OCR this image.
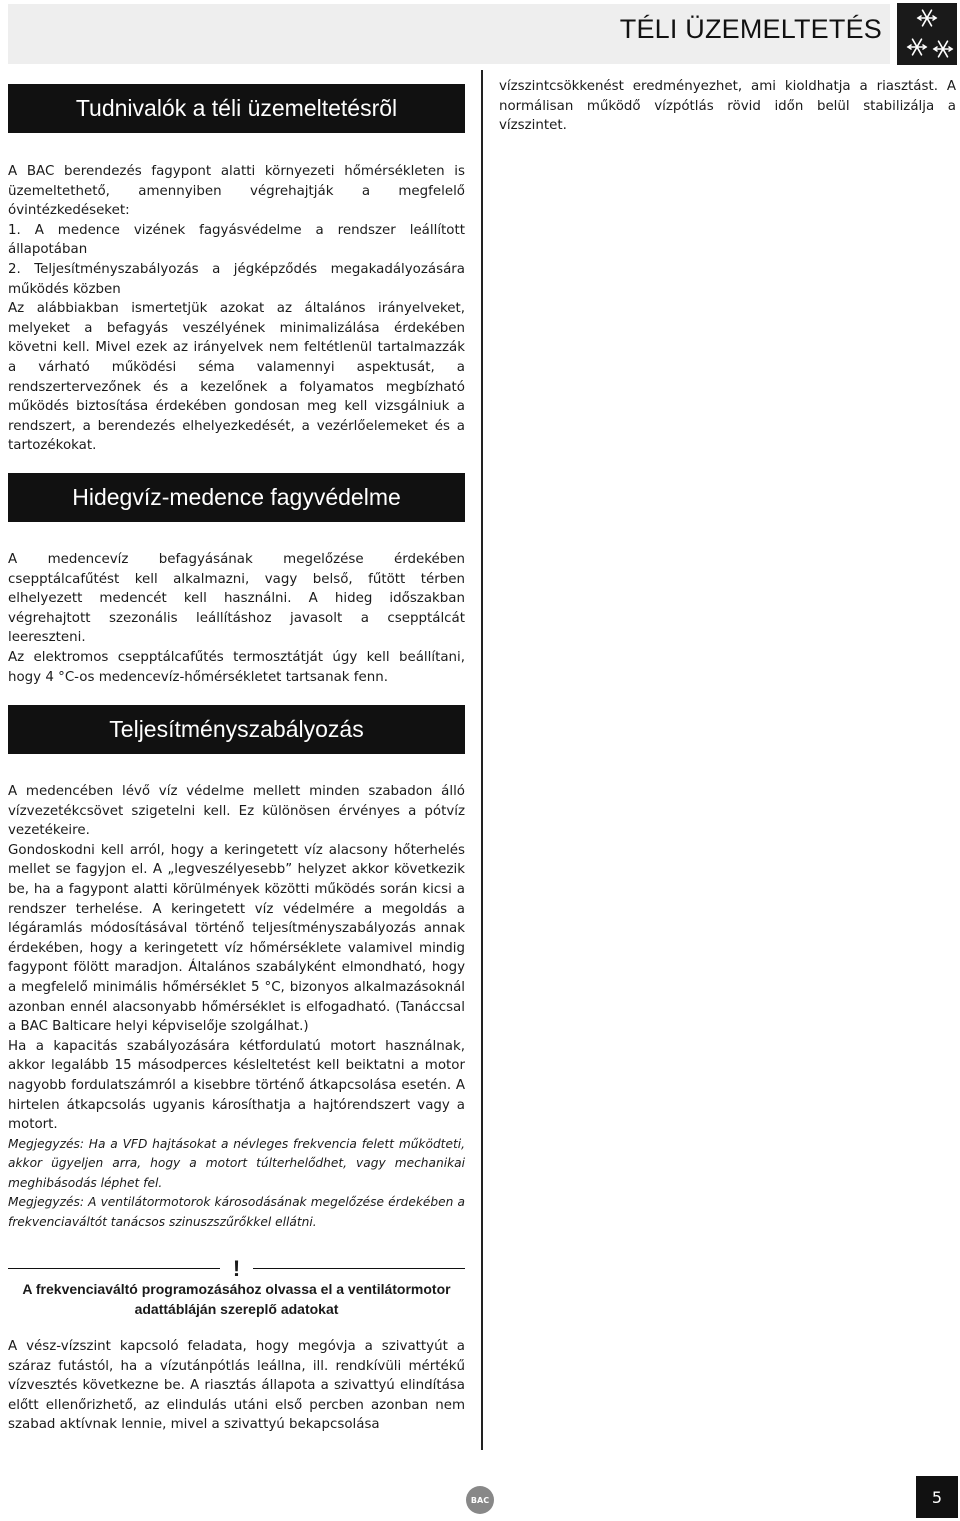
TÉLI ÜZEMELTETÉS
Tudnivalók a téli üzemeltetésrõl

A BAC berendezés fagypont alatti környezeti hőmérsékleten is üzemeltethető, amennyiben végrehajtják a megfelelő óvintézkedéseket:

1. A medence vizének fagyásvédelme a rendszer leállított állapotában

2. Teljesítményszabályozás a jégképződés megakadályozására működés közben

Az alábbiakban ismertetjük azokat az általános irányelveket, melyeket a befagyás veszélyének minimalizálása érdekében követni kell. Mivel ezek az irányelvek nem feltétlenül tartalmazzák a várható működési séma valamennyi aspektusát, a rendszertervezőnek és a kezelőnek a folyamatos megbízható működés biztosítása érdekében gondosan meg kell vizsgálniuk a rendszert, a berendezés elhelyezkedését, a vezérlőelemeket és a tartozékokat.

Hidegvíz-medence fagyvédelme

A medencevíz befagyásának megelőzése érdekében csepptálcafűtést kell alkalmazni, vagy belső, fűtött térben elhelyezett medencét kell használni. A hideg időszakban végrehajtott szezonális leállításhoz javasolt a csepptálcát leereszteni.

Az elektromos csepptálcafűtés termosztátját úgy kell beállítani, hogy 4 °C-os medencevíz-hőmérsékletet tartsanak fenn.

Teljesítményszabályozás

A medencében lévő víz védelme mellett minden szabadon álló vízvezetékcsövet szigetelni kell. Ez különösen érvényes a pótvíz vezetékeire.

Gondoskodni kell arról, hogy a keringetett víz alacsony hőterhelés mellet se fagyjon el. A „legveszélyesebb” helyzet akkor következik be, ha a fagypont alatti körülmények közötti működés során kicsi a rendszer terhelése. A keringetett víz védelmére a megoldás a légáramlás módosításával történő teljesítményszabályozás annak érdekében, hogy a keringetett víz hőmérséklete valamivel mindig fagypont fölött maradjon. Általános szabályként elmondható, hogy a megfelelő minimális hőmérséklet 5 °C, bizonyos alkalmazásoknál azonban ennél alacsonyabb hőmérséklet is elfogadható. (Tanáccsal a BAC Balticare helyi képviselője szolgálhat.)

Ha a kapacitás szabályozására kétfordulatú motort használnak, akkor legalább 15 másodperces késleltetést kell beiktatni a motor nagyobb fordulatszámról a kisebbre történő átkapcsolása esetén. A hirtelen átkapcsolás ugyanis károsíthatja a hajtórendszert vagy a motort.

Megjegyzés: Ha a VFD hajtásokat a névleges frekvencia felett működteti, akkor ügyeljen arra, hogy a motort túlterhelődhet, vagy mechanikai meghibásodás léphet fel.

Megjegyzés: A ventilátormotorok károsodásának megelőzése érdekében a frekvenciaváltót tanácsos szinuszszűrőkkel ellátni.

!
A frekvenciaváltó programozásához olvassa el a ventilátormotor adattábláján szereplő adatokat

A vész-vízszint kapcsoló feladata, hogy megóvja a szivattyút a száraz futástól, ha a vízutánpótlás leállna, ill. rendkívüli mértékű vízvesztés következne be. A riasztás állapota a szivattyú elindítása előtt ellenőrizhető, az elindulás utáni első percben azonban nem szabad aktívnak lennie, mivel a szivattyú bekapcsolása

vízszintcsökkenést eredményezhet, ami kioldhatja a riasztást. A normálisan működő vízpótlás rövid időn belül stabilizálja a vízszintet.

BAC	5
